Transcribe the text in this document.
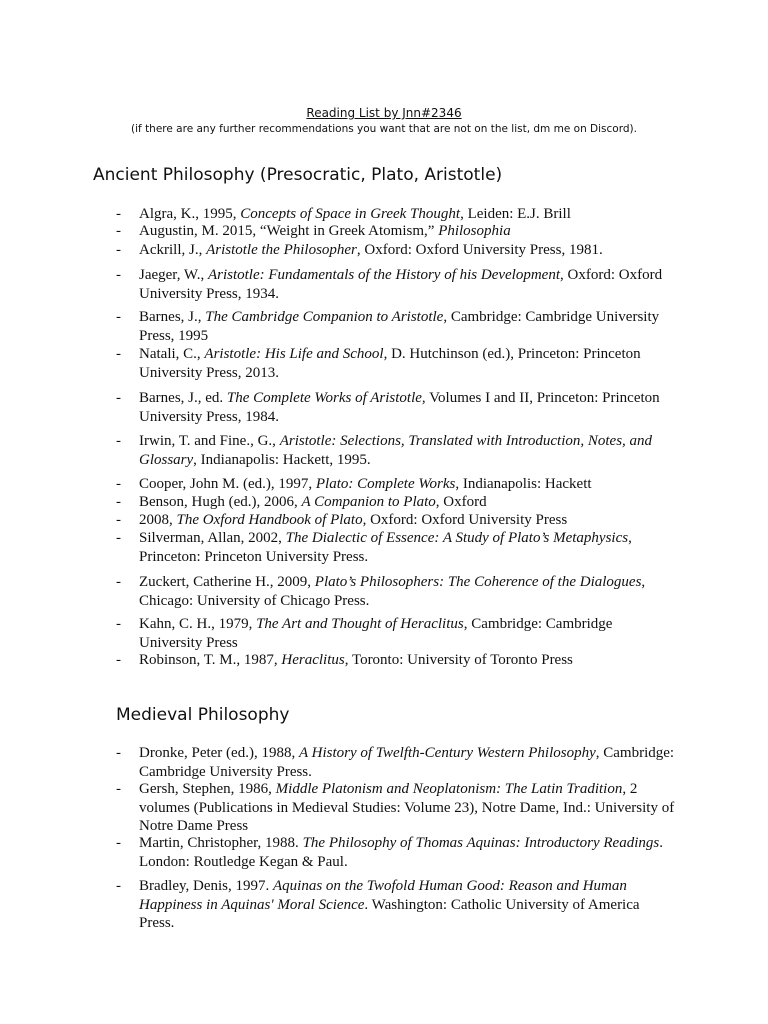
Reading List by Jnn#2346
(if there are any further recommendations you want that are not on the list, dm me on Discord).
Ancient Philosophy (Presocratic, Plato, Aristotle)
-	Algra, K., 1995, Concepts of Space in Greek Thought, Leiden: E.J. Brill
-	Augustin, M. 2015, “Weight in Greek Atomism,” Philosophia
-	Ackrill, J., Aristotle the Philosopher, Oxford: Oxford University Press, 1981.
-	Jaeger, W., Aristotle: Fundamentals of the History of his Development, Oxford: Oxford University Press, 1934.
-	Barnes, J., The Cambridge Companion to Aristotle, Cambridge: Cambridge University Press, 1995
-	Natali, C., Aristotle: His Life and School, D. Hutchinson (ed.), Princeton: Princeton University Press, 2013.
-	Barnes, J., ed. The Complete Works of Aristotle, Volumes I and II, Princeton: Princeton University Press, 1984.
-	Irwin, T. and Fine., G., Aristotle: Selections, Translated with Introduction, Notes, and Glossary, Indianapolis: Hackett, 1995.
-	Cooper, John M. (ed.), 1997, Plato: Complete Works, Indianapolis: Hackett
-	Benson, Hugh (ed.), 2006, A Companion to Plato, Oxford
-	2008, The Oxford Handbook of Plato, Oxford: Oxford University Press
-	Silverman, Allan, 2002, The Dialectic of Essence: A Study of Plato’s Metaphysics, Princeton: Princeton University Press.
-	Zuckert, Catherine H., 2009, Plato’s Philosophers: The Coherence of the Dialogues, Chicago: University of Chicago Press.
-	Kahn, C. H., 1979, The Art and Thought of Heraclitus, Cambridge: Cambridge University Press
-	Robinson, T. M., 1987, Heraclitus, Toronto: University of Toronto Press
Medieval Philosophy
-	Dronke, Peter (ed.), 1988, A History of Twelfth-Century Western Philosophy, Cambridge: Cambridge University Press.
-	Gersh, Stephen, 1986, Middle Platonism and Neoplatonism: The Latin Tradition, 2 volumes (Publications in Medieval Studies: Volume 23), Notre Dame, Ind.: University of Notre Dame Press
-	Martin, Christopher, 1988. The Philosophy of Thomas Aquinas: Introductory Readings. London: Routledge Kegan & Paul.
-	Bradley, Denis, 1997. Aquinas on the Twofold Human Good: Reason and Human Happiness in Aquinas' Moral Science. Washington: Catholic University of America Press.
